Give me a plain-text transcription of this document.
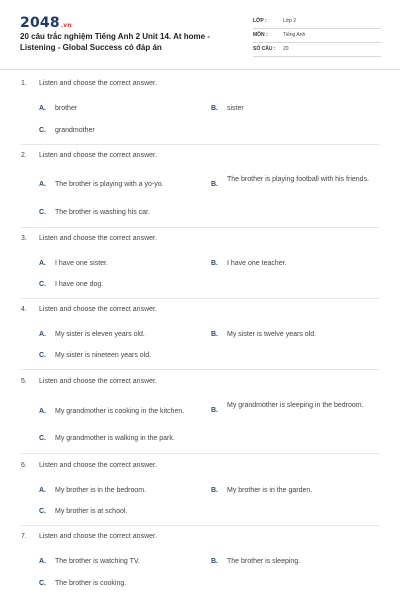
2048.vn
20 câu trắc nghiệm Tiếng Anh 2 Unit 14. At home - Listening - Global Success có đáp án
LỚP :	Lớp 2
MÔN :	Tiếng Anh
SỐ CÂU : 20
1. Listen and choose the correct answer.
A. brother	B. sister
C. grandmother
2. Listen and choose the correct answer.
A. The brother is playing with a yo-yo.	B.
The brother is playing football with his friends.
C. The brother is washing his car.
3. Listen and choose the correct answer.
A. I have one sister.	B. I have one teacher.
C. I have one dog.
4. Listen and choose the correct answer.
A. My sister is eleven years old.	B. My sister is twelve years old.
C. My sister is nineteen years old.
5. Listen and choose the correct answer.
A. My grandmother is cooking in the kitchen.	B.
My grandmother is sleeping in the bedroom.
C. My grandmother is walking in the park.
6. Listen and choose the correct answer.
A. My brother is in the bedroom.	B. My brother is in the garden.
C. My brother is at school.
7. Listen and choose the correct answer.
A. The brother is watching TV.	B. The brother is sleeping.
C. The brother is cooking.
